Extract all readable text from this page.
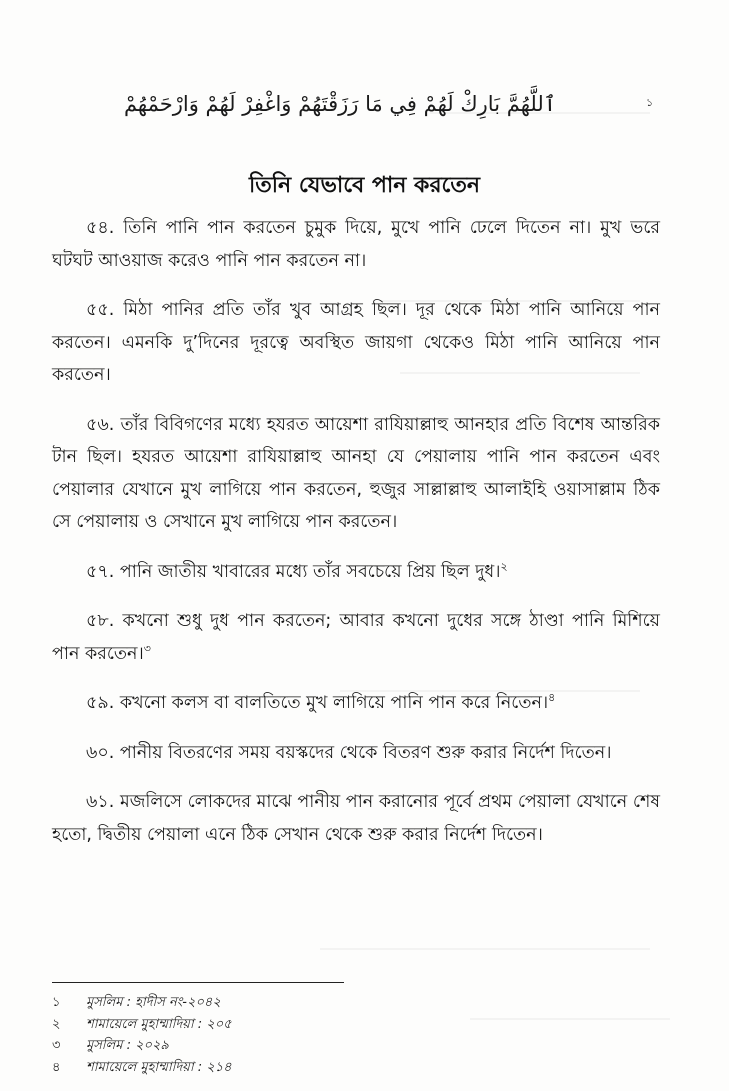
ٱللَّهُمَّ بَارِكْ لَهُمْ فِي مَا رَزَقْتَهُمْ وَاغْفِرْ لَهُمْ وَارْحَمْهُمْ	১
তিনি যেভাবে পান করতেন

৫৪. তিনি পানি পান করতেন চুমুক দিয়ে, মুখে পানি ঢেলে দিতেন না। মুখ ভরে ঘটঘট আওয়াজ করেও পানি পান করতেন না।

৫৫. মিঠা পানির প্রতি তাঁর খুব আগ্রহ ছিল। দূর থেকে মিঠা পানি আনিয়ে পান করতেন। এমনকি দু’দিনের দূরত্বে অবস্থিত জায়গা থেকেও মিঠা পানি আনিয়ে পান করতেন।

৫৬. তাঁর বিবিগণের মধ্যে হযরত আয়েশা রাযিয়াল্লাহু আনহার প্রতি বিশেষ আন্তরিক টান ছিল। হযরত আয়েশা রাযিয়াল্লাহু আনহা যে পেয়ালায় পানি পান করতেন এবং পেয়ালার যেখানে মুখ লাগিয়ে পান করতেন, হুজুর সাল্লাল্লাহু আলাইহি ওয়াসাল্লাম ঠিক সে পেয়ালায় ও সেখানে মুখ লাগিয়ে পান করতেন।

৫৭. পানি জাতীয় খাবারের মধ্যে তাঁর সবচেয়ে প্রিয় ছিল দুধ।$^২$

৫৮. কখনো শুধু দুধ পান করতেন; আবার কখনো দুধের সঙ্গে ঠাণ্ডা পানি মিশিয়ে পান করতেন।$^৩$

৫৯. কখনো কলস বা বালতিতে মুখ লাগিয়ে পানি পান করে নিতেন।$^৪$

৬০. পানীয় বিতরণের সময় বয়স্কদের থেকে বিতরণ শুরু করার নির্দেশ দিতেন।

৬১. মজলিসে লোকদের মাঝে পানীয় পান করানোর পূর্বে প্রথম পেয়ালা যেখানে শেষ হতো, দ্বিতীয় পেয়ালা এনে ঠিক সেখান থেকে শুরু করার নির্দেশ দিতেন।

১	মুসলিম : হাদীস নং-২০৪২
২	শামায়েলে মুহাম্মাদিয়া : ২০৫
৩	মুসলিম : ২০২৯
৪	শামায়েলে মুহাম্মাদিয়া : ২১৪
